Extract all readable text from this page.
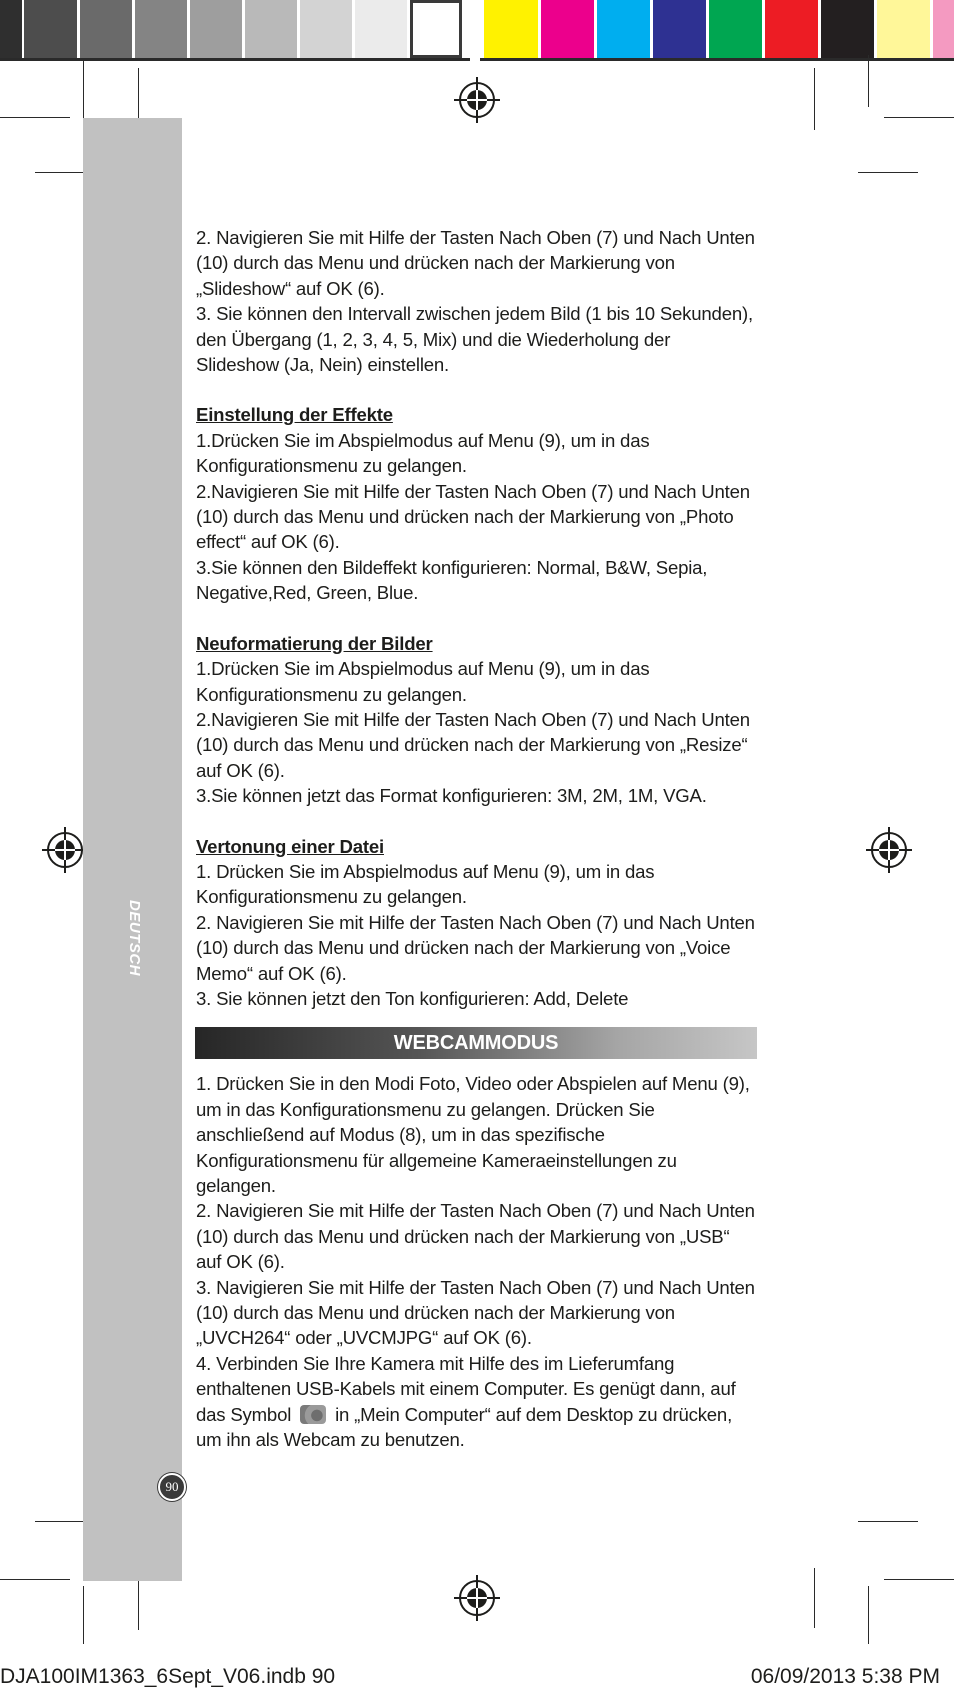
DEUTSCH
90

2. Navigieren Sie mit Hilfe der Tasten Nach Oben (7) und Nach Unten (10) durch das Menu und drücken nach der Markierung von „Slideshow“ auf OK (6).

3. Sie können den Intervall zwischen jedem Bild (1 bis 10 Sekunden), den Übergang (1, 2, 3, 4, 5, Mix) und die Wiederholung der Slideshow (Ja, Nein) einstellen.

Einstellung der Effekte

1.Drücken Sie im Abspielmodus auf Menu (9), um in das Konfigurationsmenu zu gelangen.

2.Navigieren Sie mit Hilfe der Tasten Nach Oben (7) und Nach Unten (10) durch das Menu und drücken nach der Markierung von „Photo effect“ auf OK (6).

3.Sie können den Bildeffekt konfigurieren: Normal, B&W, Sepia, Negative,Red, Green, Blue.

Neuformatierung der Bilder

1.Drücken Sie im Abspielmodus auf Menu (9), um in das Konfigurationsmenu zu gelangen.

2.Navigieren Sie mit Hilfe der Tasten Nach Oben (7) und Nach Unten (10) durch das Menu und drücken nach der Markierung von „Resize“ auf OK (6).

3.Sie können jetzt das Format konfigurieren: 3M, 2M, 1M, VGA.

Vertonung einer Datei

1. Drücken Sie im Abspielmodus auf Menu (9), um in das Konfigurationsmenu zu gelangen.

2. Navigieren Sie mit Hilfe der Tasten Nach Oben (7) und Nach Unten (10) durch das Menu und drücken nach der Markierung von „Voice Memo“ auf OK (6).

3. Sie können jetzt den Ton konfigurieren: Add, Delete

WEBCAMMODUS

1. Drücken Sie in den Modi Foto, Video oder Abspielen auf Menu (9), um in das Konfigurationsmenu zu gelangen. Drücken Sie anschließend auf Modus (8), um in das spezifische Konfigurationsmenu für allgemeine Kameraeinstellungen zu gelangen.

2. Navigieren Sie mit Hilfe der Tasten Nach Oben (7) und Nach Unten (10) durch das Menu und drücken nach der Markierung von „USB“ auf OK (6).

3. Navigieren Sie mit Hilfe der Tasten Nach Oben (7) und Nach Unten (10) durch das Menu und drücken nach der Markierung von „UVCH264“ oder „UVCMJPG“ auf OK (6).

4. Verbinden Sie Ihre Kamera mit Hilfe des im Lieferumfang enthaltenen USB-Kabels mit einem Computer. Es genügt dann, auf das Symbol in „Mein Computer“ auf dem Desktop zu drücken, um ihn als Webcam zu benutzen.

DJA100IM1363_6Sept_V06.indb 90	06/09/2013 5:38 PM
